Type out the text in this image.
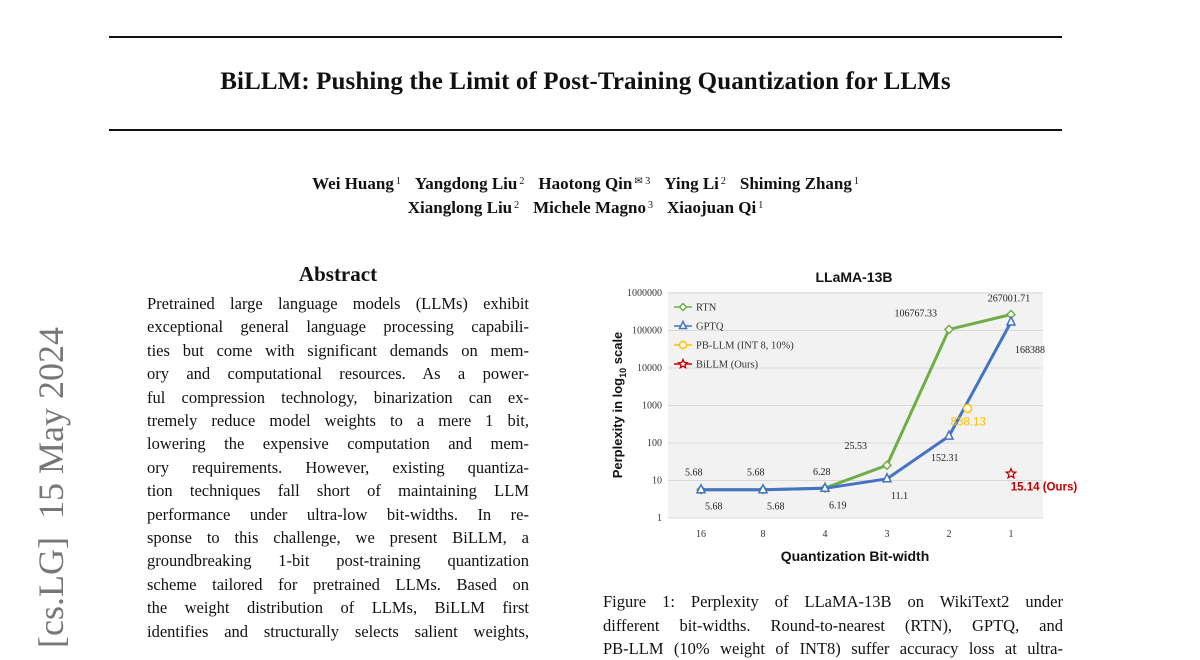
BiLLM: Pushing the Limit of Post-Training Quantization for LLMs
Wei Huang $^1$ Yangdong Liu $^2$ Haotong Qin $^{✉ 3}$ Ying Li $^2$ Shiming Zhang $^1$
Xianglong Liu $^2$ Michele Magno $^3$ Xiaojuan Qi $^1$
[cs.LG]  15 May 2024
Abstract
Pretrained large language models (LLMs) exhibit
exceptional general language processing capabili-
ties but come with significant demands on mem-
ory and computational resources. As a power-
ful compression technology, binarization can ex-
tremely reduce model weights to a mere 1 bit,
lowering the expensive computation and mem-
ory requirements. However, existing quantiza-
tion techniques fall short of maintaining LLM
performance under ultra-low bit-widths. In re-
sponse to this challenge, we present BiLLM, a
groundbreaking 1-bit post-training quantization
scheme tailored for pretrained LLMs. Based on
the weight distribution of LLMs, BiLLM first
identifies and structurally selects salient weights,
LLaMA-13B
1
10
100
1000
10000
100000
1000000
16	8	4	3	2	1
Perplexity in $\log_{10}$ scale
Quantization Bit-width
5.68	5.68	6.28
25.53
106767.33
267001.71
5.68	5.68	6.19
11.1
152.31
168388
838.13
15.14 (Ours)
RTN
GPTQ
PB-LLM (INT 8, 10%)
BiLLM (Ours)
Figure 1: Perplexity of LLaMA-13B on WikiText2 under
different bit-widths. Round-to-nearest (RTN), GPTQ, and
PB-LLM (10% weight of INT8) suffer accuracy loss at ultra-
